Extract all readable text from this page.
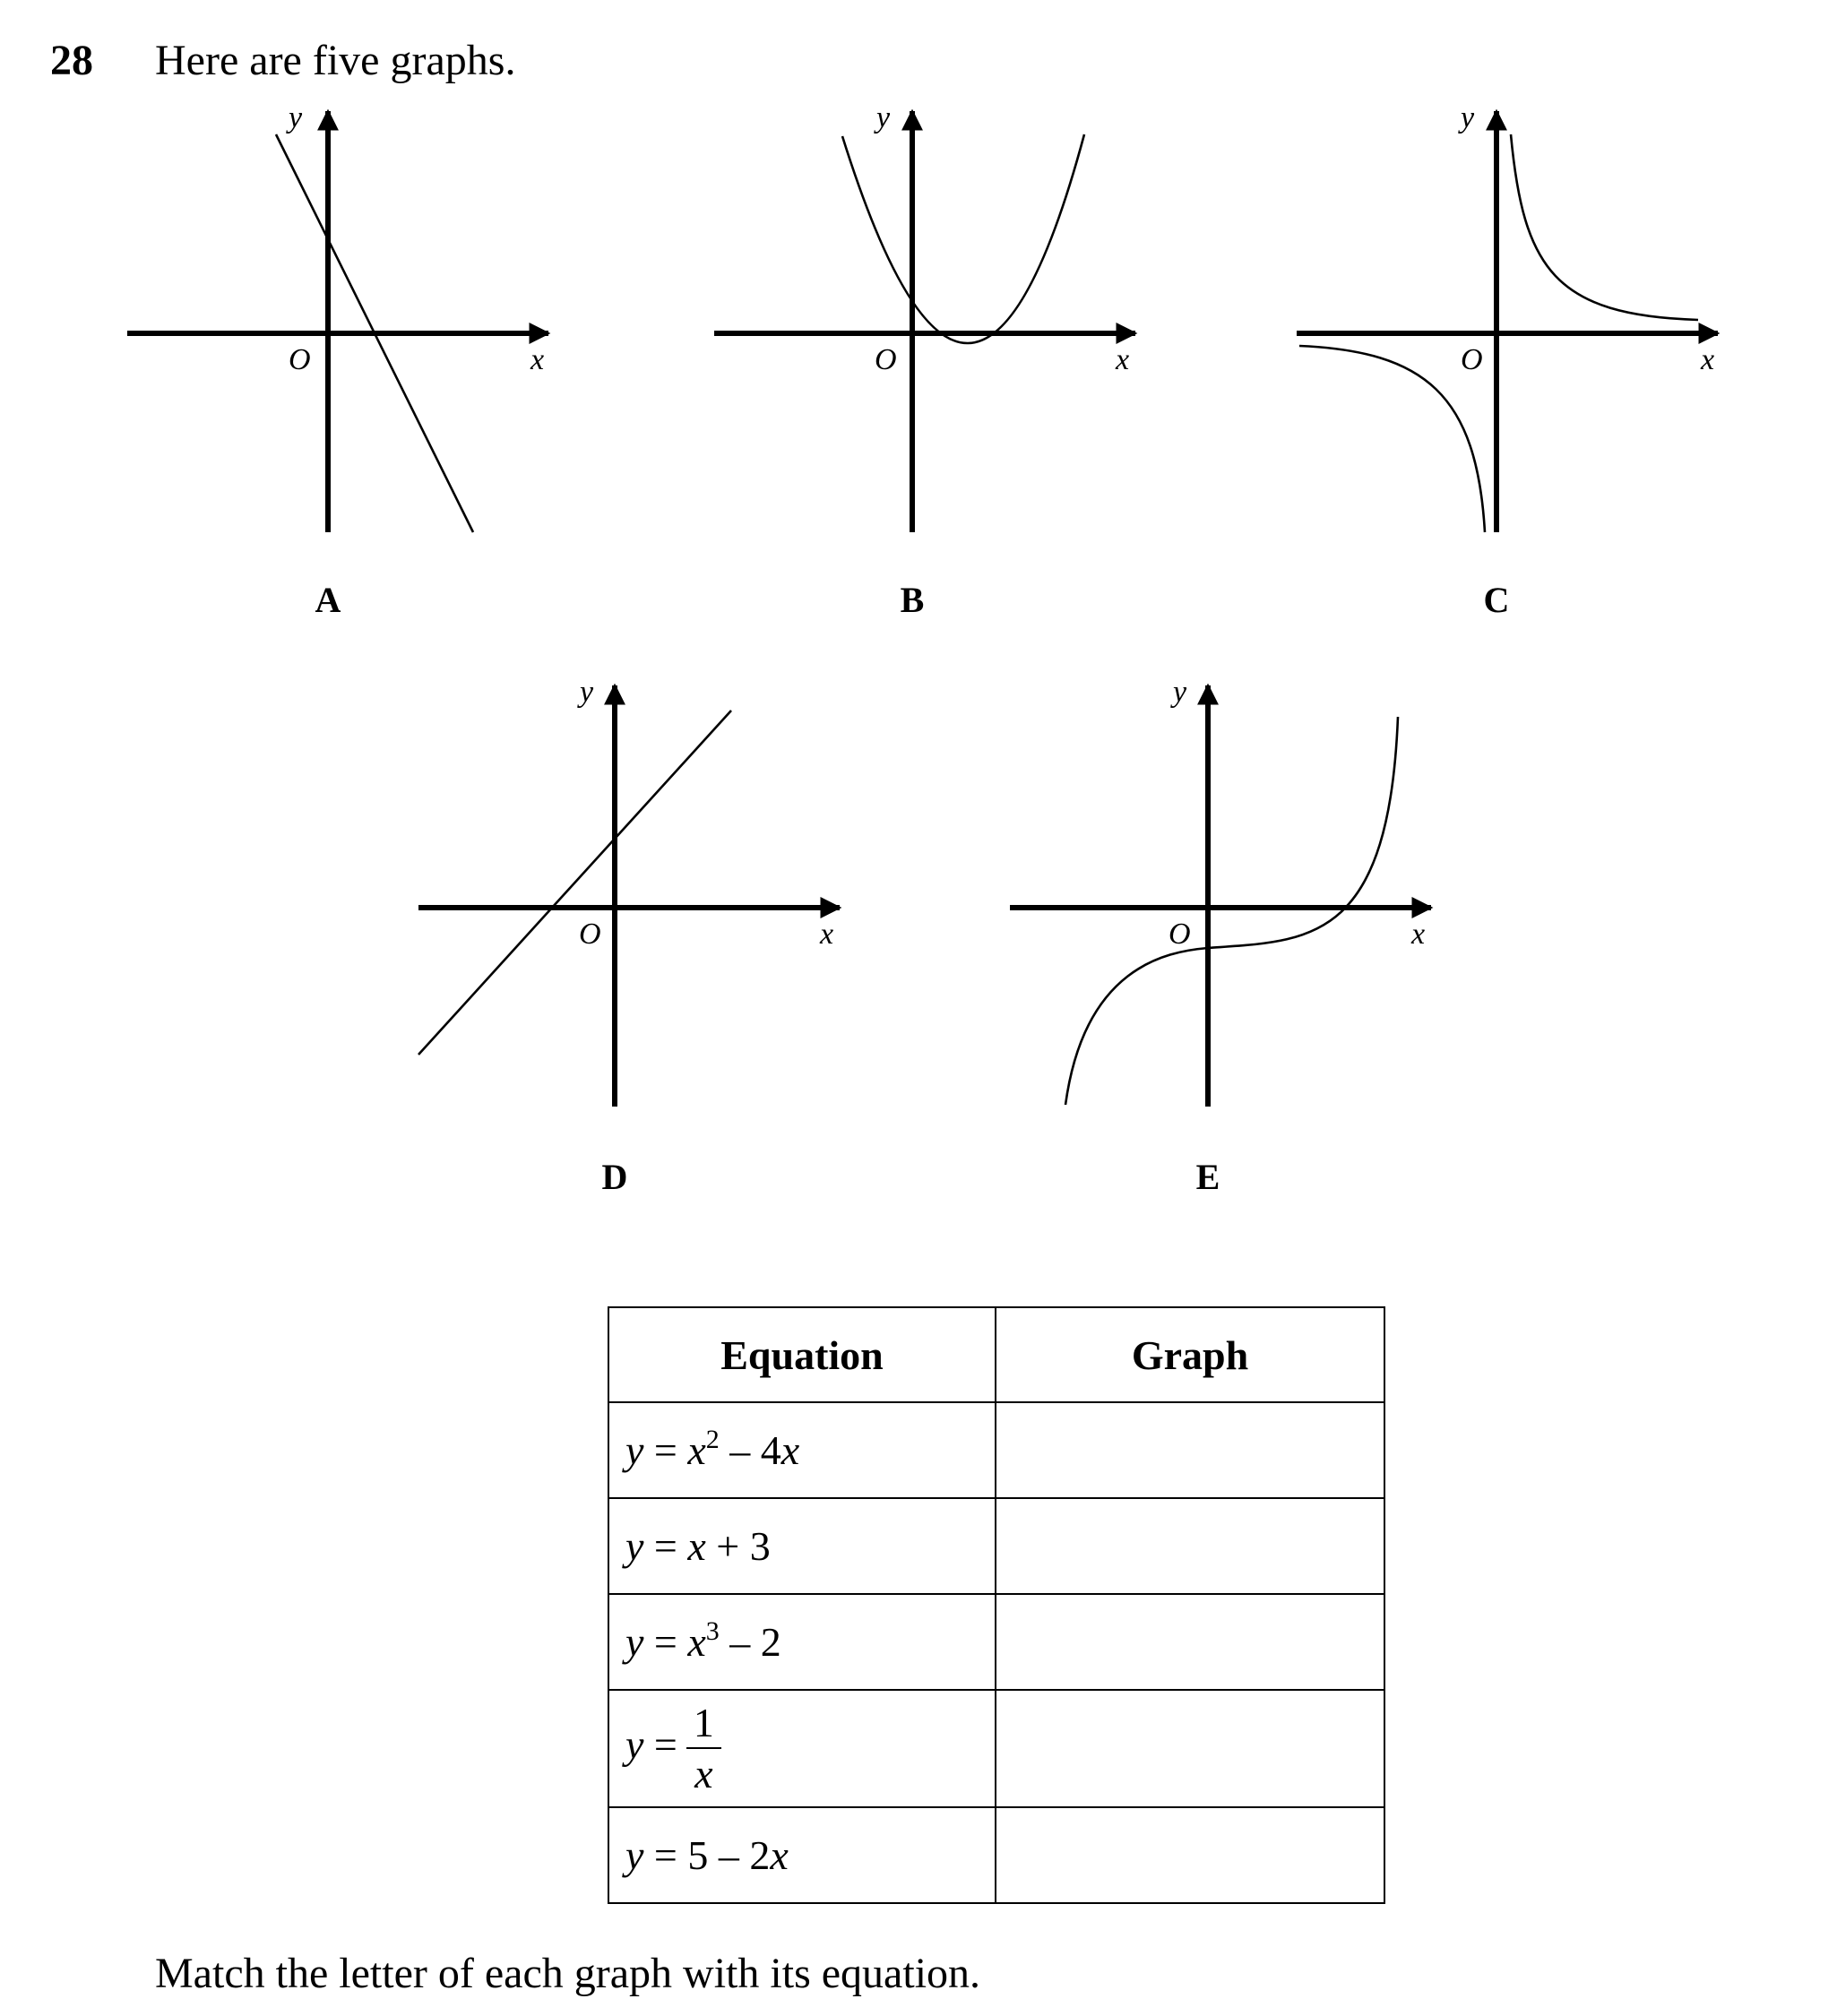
28 Here are five graphs.
y
O	x
A
y
O	x
B
y
O	x
C
y
O	x
D
y
O	x
E
Equation	Graph
$y = x^2 - 4x$	
y = x + 3	
$y = x^3 - 2$	
$y = \frac{1}{x}$

y = 5 – 2x	
Match the letter of each graph with its equation.
